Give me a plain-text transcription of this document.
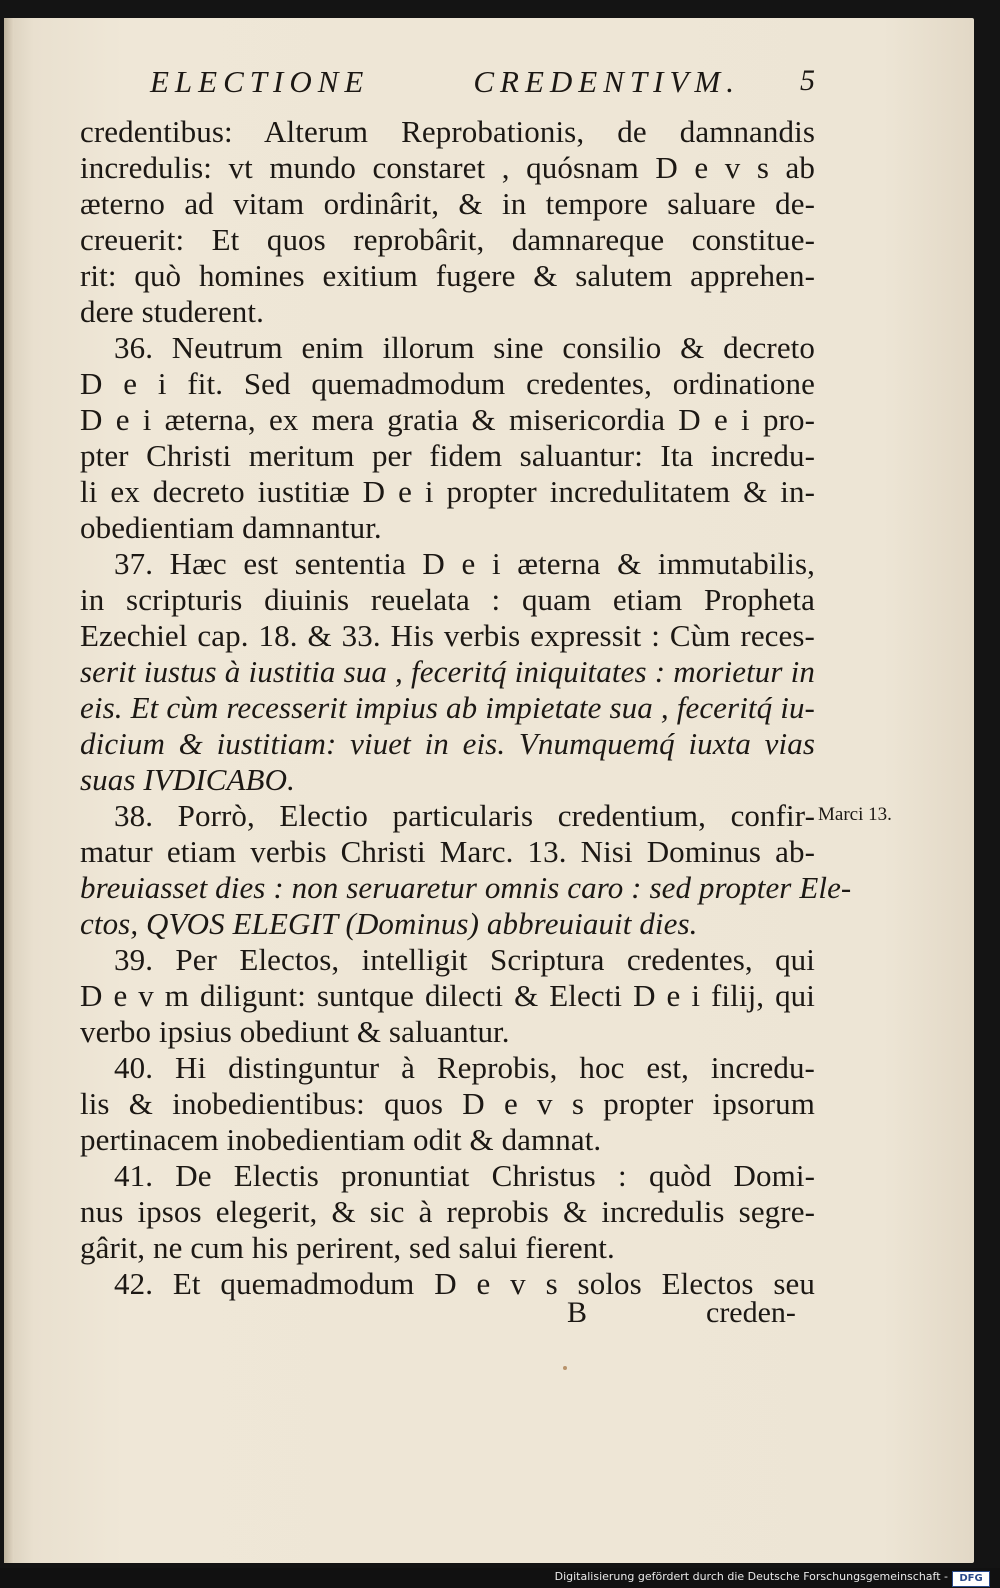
ELECTIONE CREDENTIVM. 5

credentibus: Alterum Reprobationis, de damnandis

incredulis: vt mundo constaret , quósnam D e v s ab

æterno ad vitam ordinârit, & in tempore saluare de-

creuerit: Et quos reprobârit, damnareque constitue-

rit: quò homines exitium fugere & salutem apprehen-

dere studerent.

36. Neutrum enim illorum sine consilio & decreto

D e i fit. Sed quemadmodum credentes, ordinatione

D e i æterna, ex mera gratia & misericordia D e i pro-

pter Christi meritum per fidem saluantur: Ita incredu-

li ex decreto iustitiæ D e i propter incredulitatem & in-

obedientiam damnantur.

37. Hæc est sententia D e i æterna & immutabilis,

in scripturis diuinis reuelata : quam etiam Propheta

Ezechiel cap. 18. & 33. His verbis expressit : Cùm reces-

serit iustus à iustitia sua , feceritq́ iniquitates : morietur in

eis. Et cùm recesserit impius ab impietate sua , feceritq́ iu-

dicium & iustitiam: viuet in eis. Vnumquemq́ iuxta vias

suas IVDICABO.

38. Porrò, Electio particularis credentium, confir-

matur etiam verbis Christi Marc. 13. Nisi Dominus ab-

breuiasset dies : non seruaretur omnis caro : sed propter Ele-

ctos, QVOS ELEGIT (Dominus) abbreuiauit dies.

39. Per Electos, intelligit Scriptura credentes, qui

D e v m diligunt: suntque dilecti & Electi D e i filij, qui

verbo ipsius obediunt & saluantur.

40. Hi distinguntur à Reprobis, hoc est, incredu-

lis & inobedientibus: quos D e v s propter ipsorum

pertinacem inobedientiam odit & damnat.

41. De Electis pronuntiat Christus : quòd Domi-

nus ipsos elegerit, & sic à reprobis & incredulis segre-

gârit, ne cum his perirent, sed salui fierent.

42. Et quemadmodum D e v s solos Electos seu

Marci 13.
B	creden-
Digitalisierung gefördert durch die Deutsche Forschungsgemeinschaft -	DFG
